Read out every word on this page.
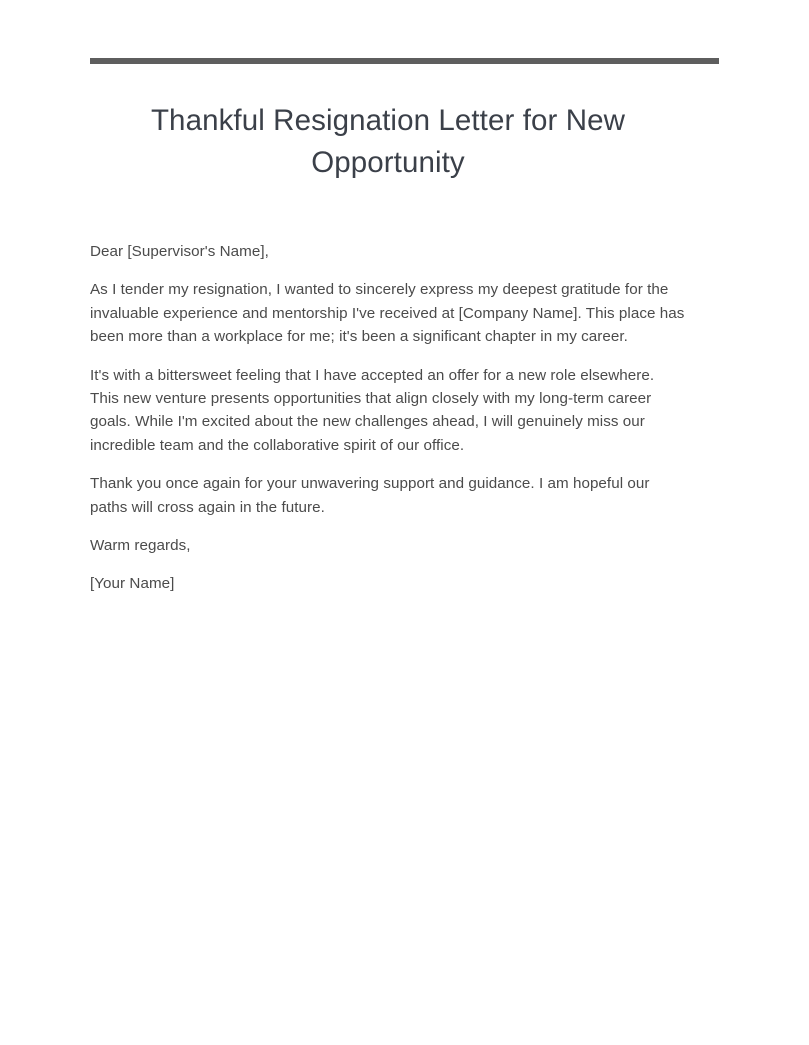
Thankful Resignation Letter for New Opportunity

Dear [Supervisor's Name],

As I tender my resignation, I wanted to sincerely express my deepest gratitude for the invaluable experience and mentorship I've received at [Company Name]. This place has been more than a workplace for me; it's been a significant chapter in my career.

It's with a bittersweet feeling that I have accepted an offer for a new role elsewhere. This new venture presents opportunities that align closely with my long-term career goals. While I'm excited about the new challenges ahead, I will genuinely miss our incredible team and the collaborative spirit of our office.

Thank you once again for your unwavering support and guidance. I am hopeful our paths will cross again in the future.

Warm regards,

[Your Name]
